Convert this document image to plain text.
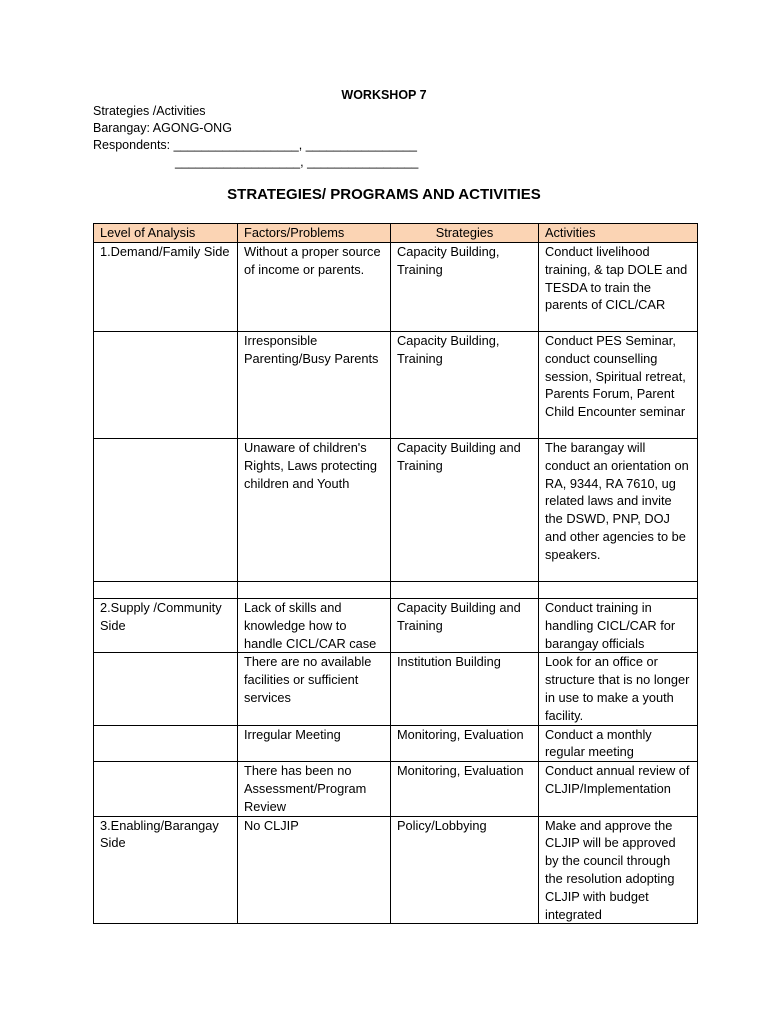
WORKSHOP 7
Strategies /Activities
Barangay: AGONG-ONG
Respondents: __________________, ________________
__________________, ________________
STRATEGIES/ PROGRAMS AND ACTIVITIES
Level of Analysis	Factors/Problems	Strategies	Activities
1.Demand/Family Side	Without a proper source of income or parents.	Capacity Building, Training	Conduct livelihood training, & tap DOLE and TESDA to train the parents of CICL/CAR
	Irresponsible Parenting/Busy Parents	Capacity Building, Training	Conduct PES Seminar, conduct counselling session, Spiritual retreat, Parents Forum, Parent Child Encounter seminar
	Unaware of children's Rights, Laws protecting children and Youth	Capacity Building and Training	The barangay will conduct an orientation on RA, 9344, RA 7610, ug related laws and invite the DSWD, PNP, DOJ and other agencies to be speakers.

2.Supply /Community Side	Lack of skills and knowledge how to handle CICL/CAR case	Capacity Building and Training	Conduct training in handling CICL/CAR for barangay officials
	There are no available facilities or sufficient services	Institution Building	Look for an office or structure that is no longer in use to make a youth facility.
	Irregular Meeting	Monitoring, Evaluation	Conduct a monthly regular meeting
	There has been no Assessment/Program Review	Monitoring, Evaluation	Conduct annual review of CLJIP/Implementation
3.Enabling/Barangay Side	No CLJIP	Policy/Lobbying	Make and approve the CLJIP will be approved by the council through the resolution adopting CLJIP with budget integrated
